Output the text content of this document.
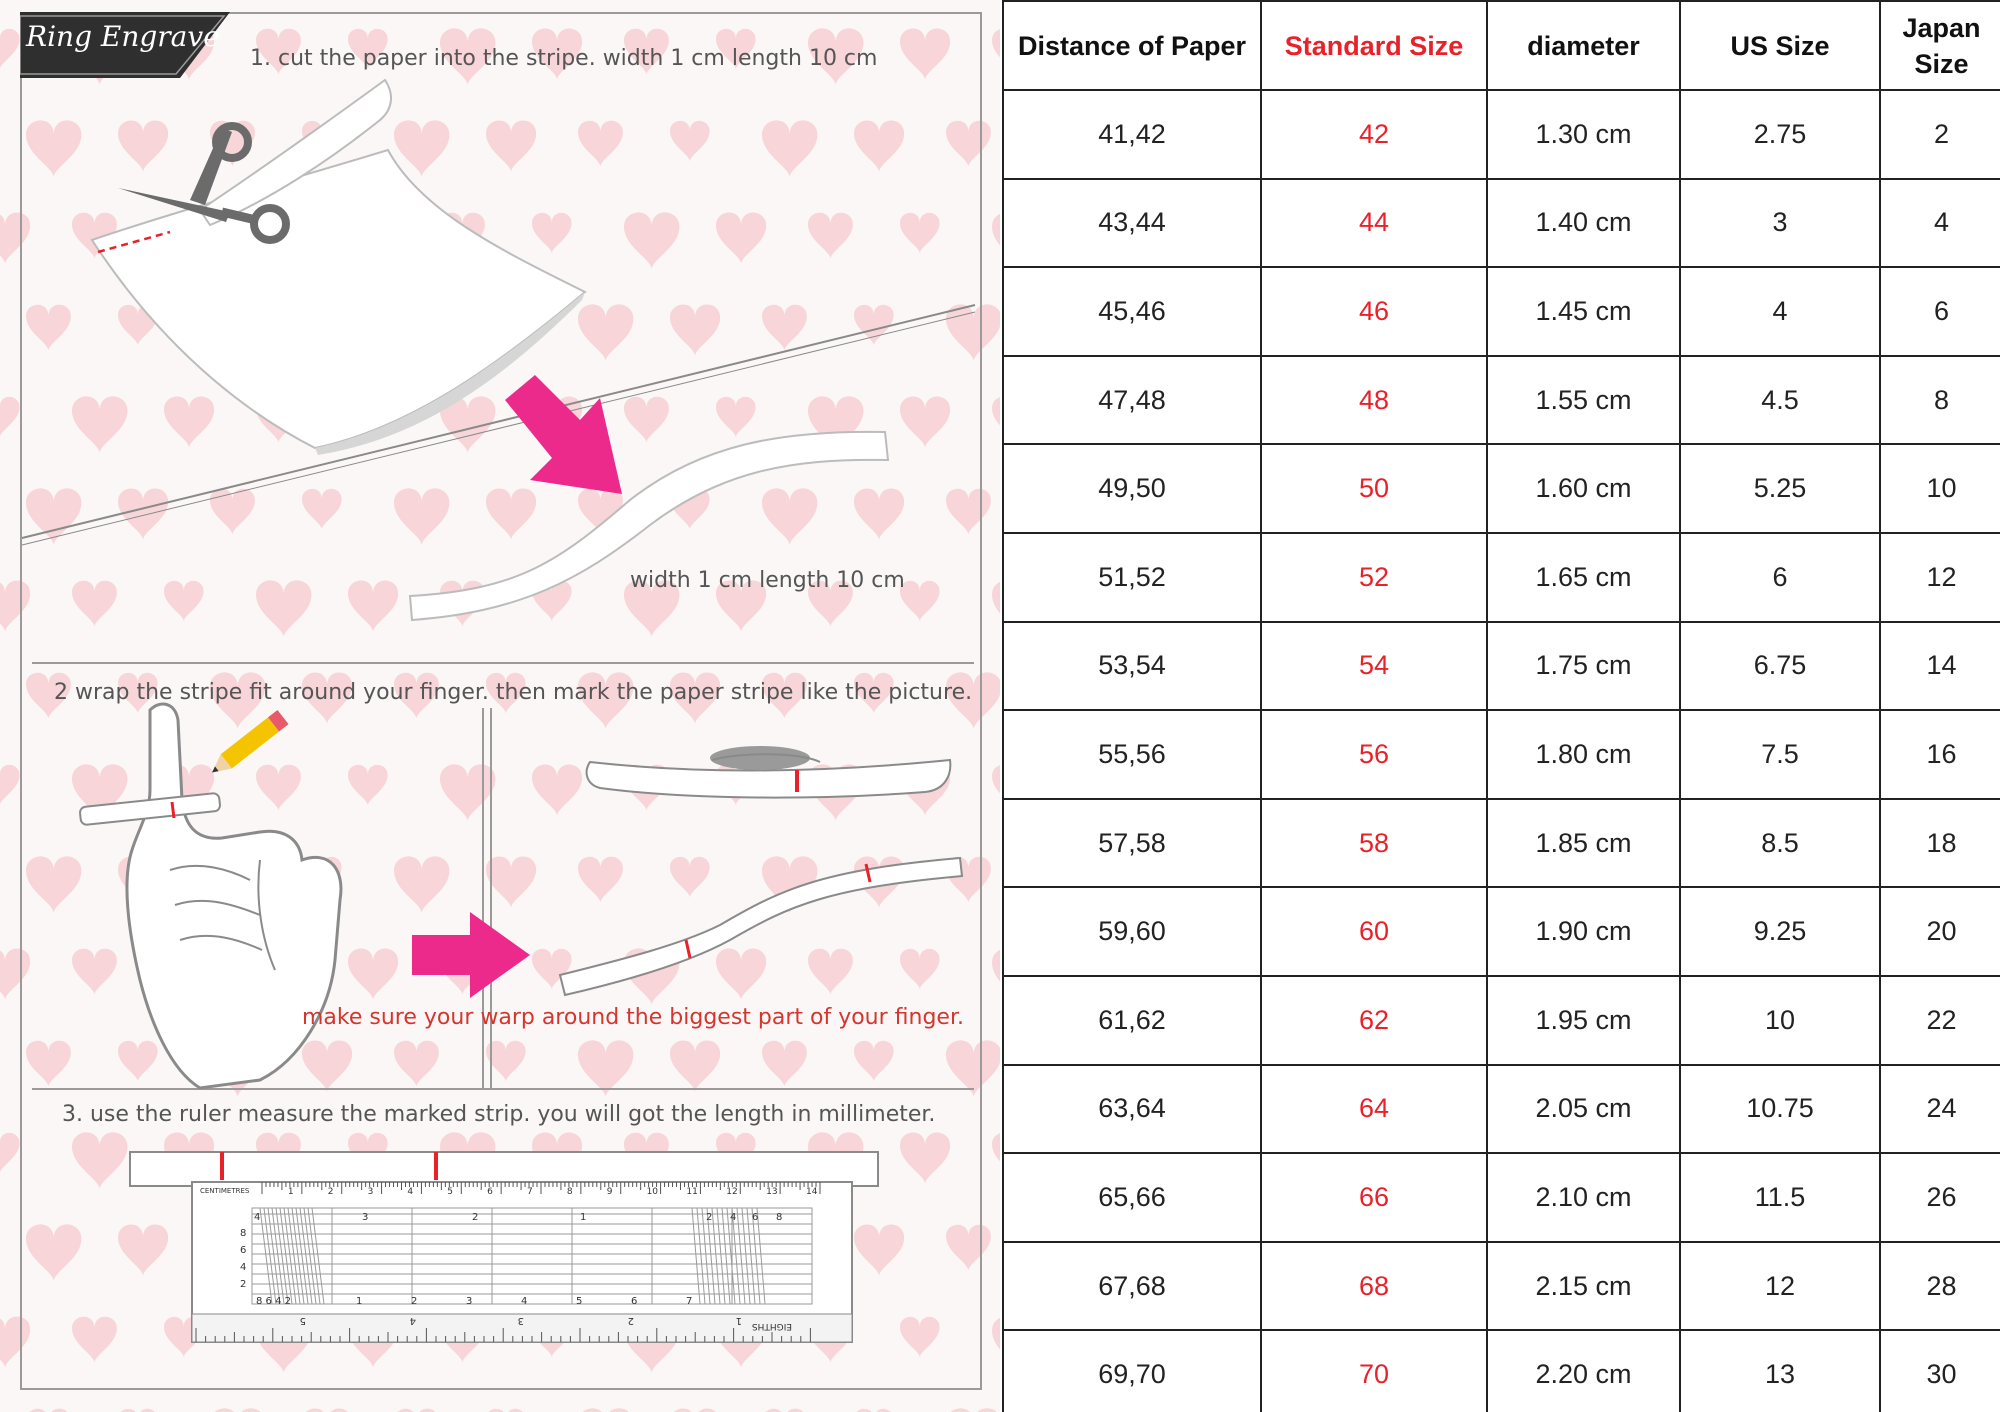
Ring Engrave
1. cut the paper into the stripe. width 1 cm length 10 cm
width 1 cm length 10 cm
2 wrap the stripe fit around your finger. then mark the paper stripe like the picture.
make sure your warp around the biggest part of your finger.
3. use the ruler measure the marked strip. you will got the length in millimeter.
CENTIMETRES
EIGHTHS
1	2	3	4	5	6	7	8	9	10	11	12	13	14
4	3	2	1	2 4 6 8
8
6
4
2
8 6 4 2	1	2	3	4	5	6	7
5	4	3	2	1
Distance of Paper	Standard Size	diameter	US Size	Japan
Size

41,42	42	1.30 cm	2.75	2
43,44	44	1.40 cm	3	4
45,46	46	1.45 cm	4	6
47,48	48	1.55 cm	4.5	8
49,50	50	1.60 cm	5.25	10
51,52	52	1.65 cm	6	12
53,54	54	1.75 cm	6.75	14
55,56	56	1.80 cm	7.5	16
57,58	58	1.85 cm	8.5	18
59,60	60	1.90 cm	9.25	20
61,62	62	1.95 cm	10	22
63,64	64	2.05 cm	10.75	24
65,66	66	2.10 cm	11.5	26
67,68	68	2.15 cm	12	28
69,70	70	2.20 cm	13	30
